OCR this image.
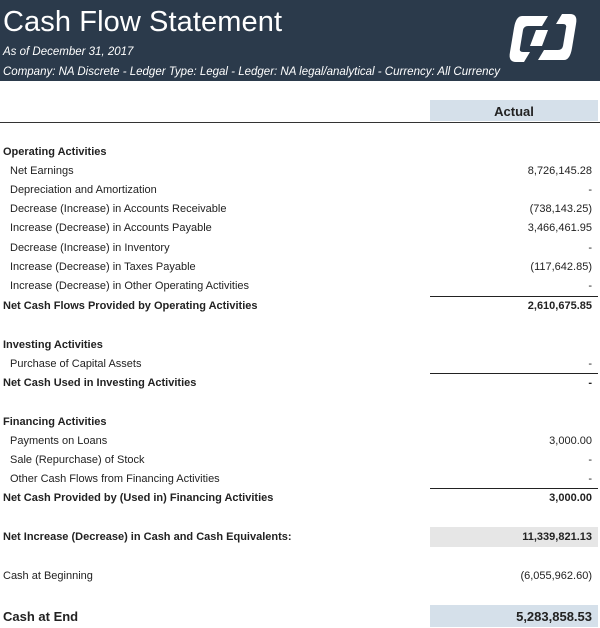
Cash Flow Statement
As of December 31, 2017
Company: NA Discrete - Ledger Type: Legal - Ledger: NA legal/analytical - Currency: All Currency
Actual
Operating Activities
Net Earnings	8,726,145.28
Depreciation and Amortization	-
Decrease (Increase) in Accounts Receivable	(738,143.25)
Increase (Decrease) in Accounts Payable	3,466,461.95
Decrease (Increase) in Inventory	-
Increase (Decrease) in Taxes Payable	(117,642.85)
Increase (Decrease) in Other Operating Activities	-
Net Cash Flows Provided by Operating Activities	2,610,675.85
Investing Activities
Purchase of Capital Assets	-
Net Cash Used in Investing Activities	-
Financing Activities
Payments on Loans	3,000.00
Sale (Repurchase) of Stock	-
Other Cash Flows from Financing Activities	-
Net Cash Provided by (Used in) Financing Activities	3,000.00
Net Increase (Decrease) in Cash and Cash Equivalents:	11,339,821.13
Cash at Beginning	(6,055,962.60)
Cash at End	5,283,858.53
